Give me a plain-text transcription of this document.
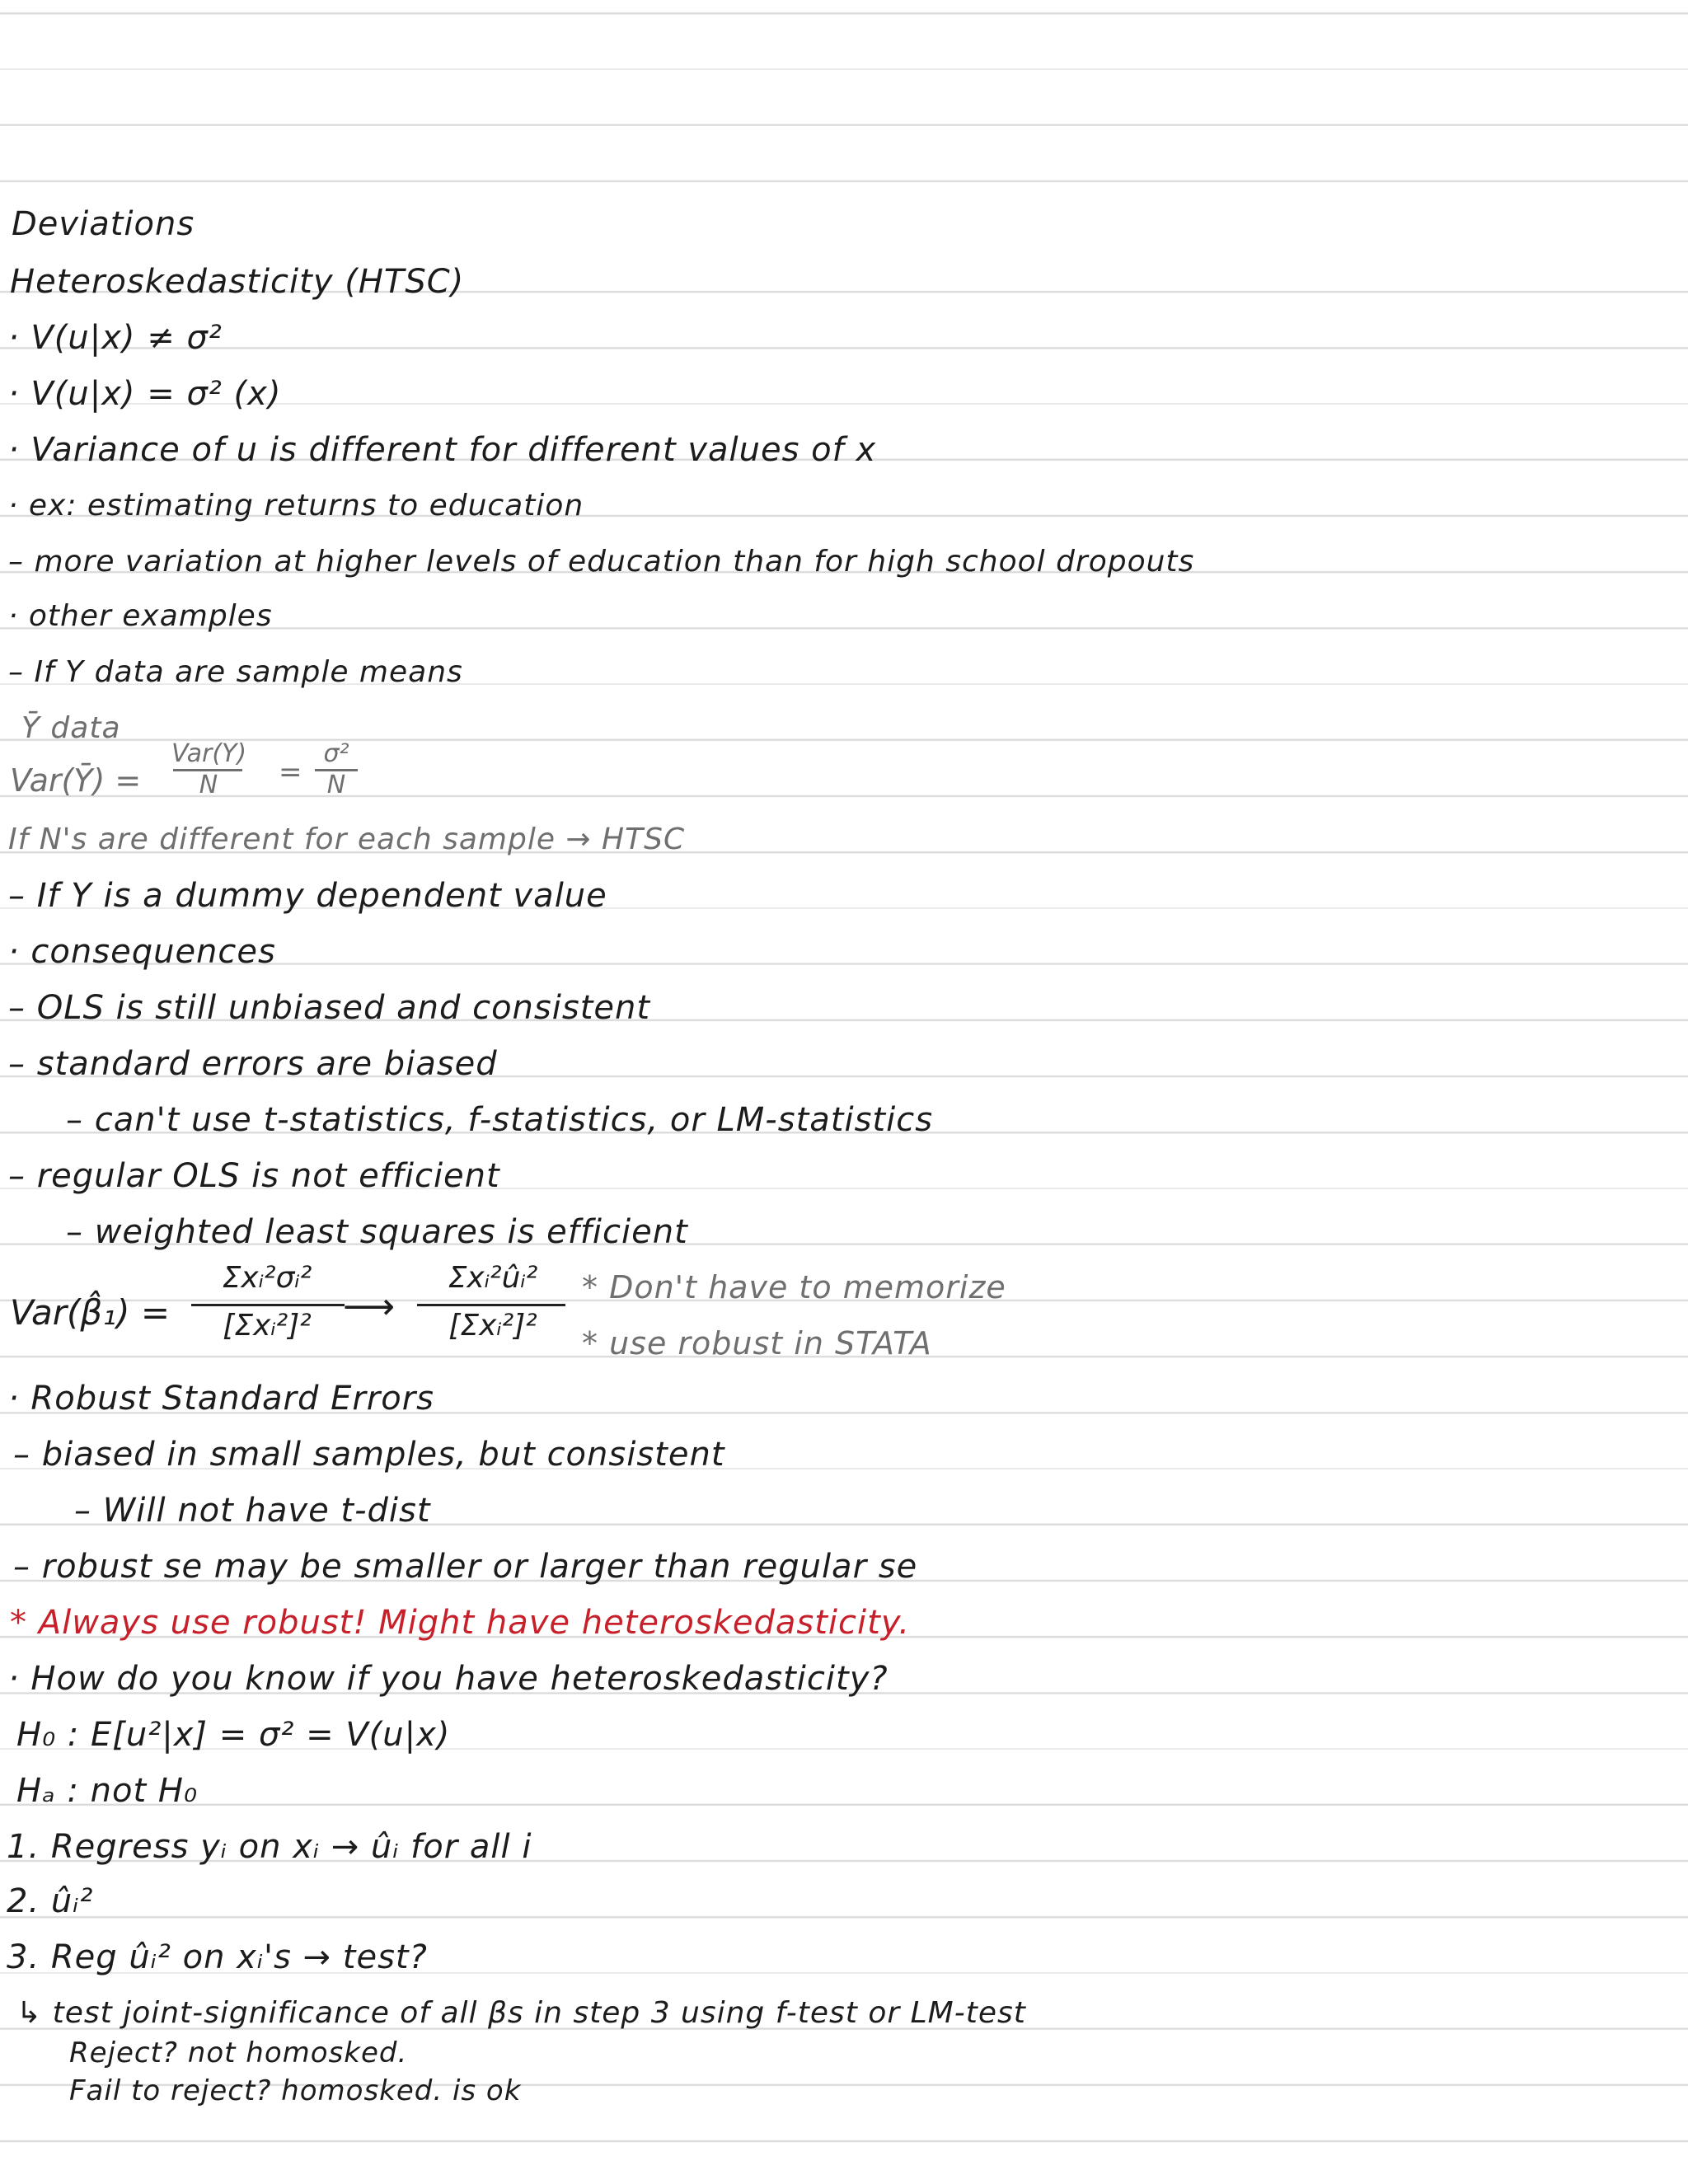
Deviations

Heteroskedasticity (HTSC)

· V(u|x) ≠ σ²

· V(u|x) = σ² (x)

· Variance of u is different for different values of x

· ex: estimating returns to education

– more variation at higher levels of education than for high school dropouts

· other examples

– If Y data are sample means

Ȳ data

Var(Ȳ) =
Var(Y)
N	=
σ²
N

If N's are different for each sample → HTSC

– If Y is a dummy dependent value

· consequences

– OLS is still unbiased and consistent

– standard errors are biased

– can't use t-statistics, f-statistics, or LM-statistics

– regular OLS is not efficient

– weighted least squares is efficient

Var(β̂₁) =
Σxᵢ²σᵢ²
[Σxᵢ²]² ⟶
Σxᵢ²ûᵢ²
[Σxᵢ²]²
* Don't have to memorize
* use robust in STATA

· Robust Standard Errors

– biased in small samples, but consistent

– Will not have t-dist

– robust se may be smaller or larger than regular se

* Always use robust! Might have heteroskedasticity.

· How do you know if you have heteroskedasticity?

H₀ : E[u²|x] = σ² = V(u|x)

Hₐ : not H₀

1. Regress yᵢ on xᵢ → ûᵢ for all i

2. ûᵢ²

3. Reg ûᵢ² on xᵢ's → test?

↳ test joint-significance of all βs in step 3 using f-test or LM-test

Reject? not homosked.

Fail to reject? homosked. is ok
